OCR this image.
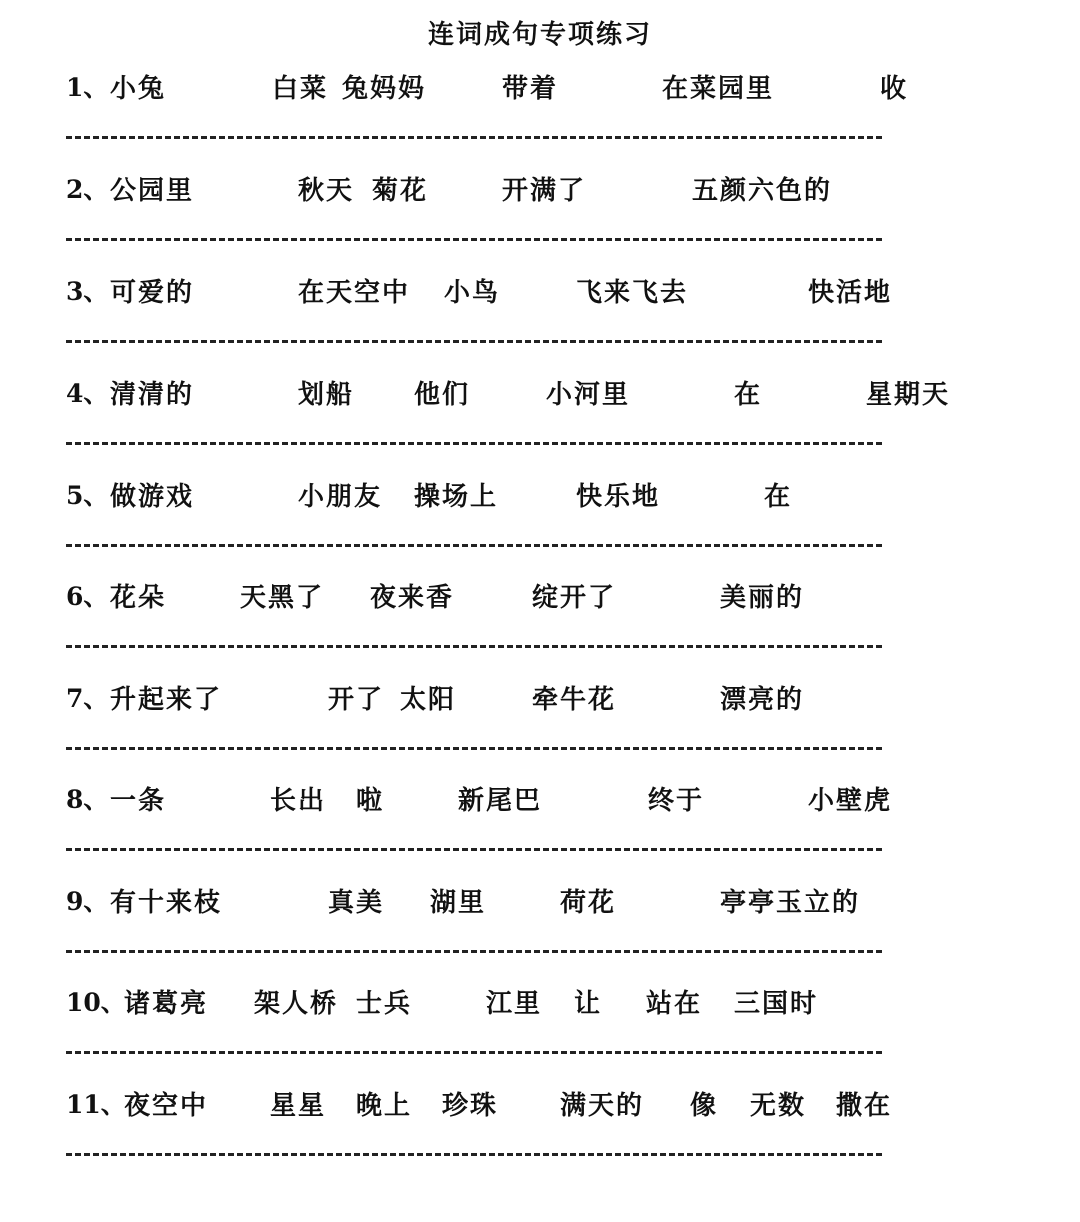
连词成句专项练习
1、 小兔	白菜 兔妈妈	带着	在菜园里	收
2、 公园里	秋天 菊花	开满了	五颜六色的
3、 可爱的	在天空中 小鸟	飞来飞去	快活地
4、 清清的	划船 他们	小河里	在	星期天
5、 做游戏	小朋友 操场上	快乐地	在
6、 花朵	天黑了 夜来香	绽开了	美丽的
7、 升起来了	开了 太阳	牵牛花	漂亮的
8、 一条	长出 啦	新尾巴	终于	小壁虎
9、 有十来枝	真美 湖里	荷花	亭亭玉立的
10、
诸葛亮 架人桥 士兵	江里 让 站在 三国时
11、
夜空中 星星 晚上 珍珠 满天的 像 无数 撒在
